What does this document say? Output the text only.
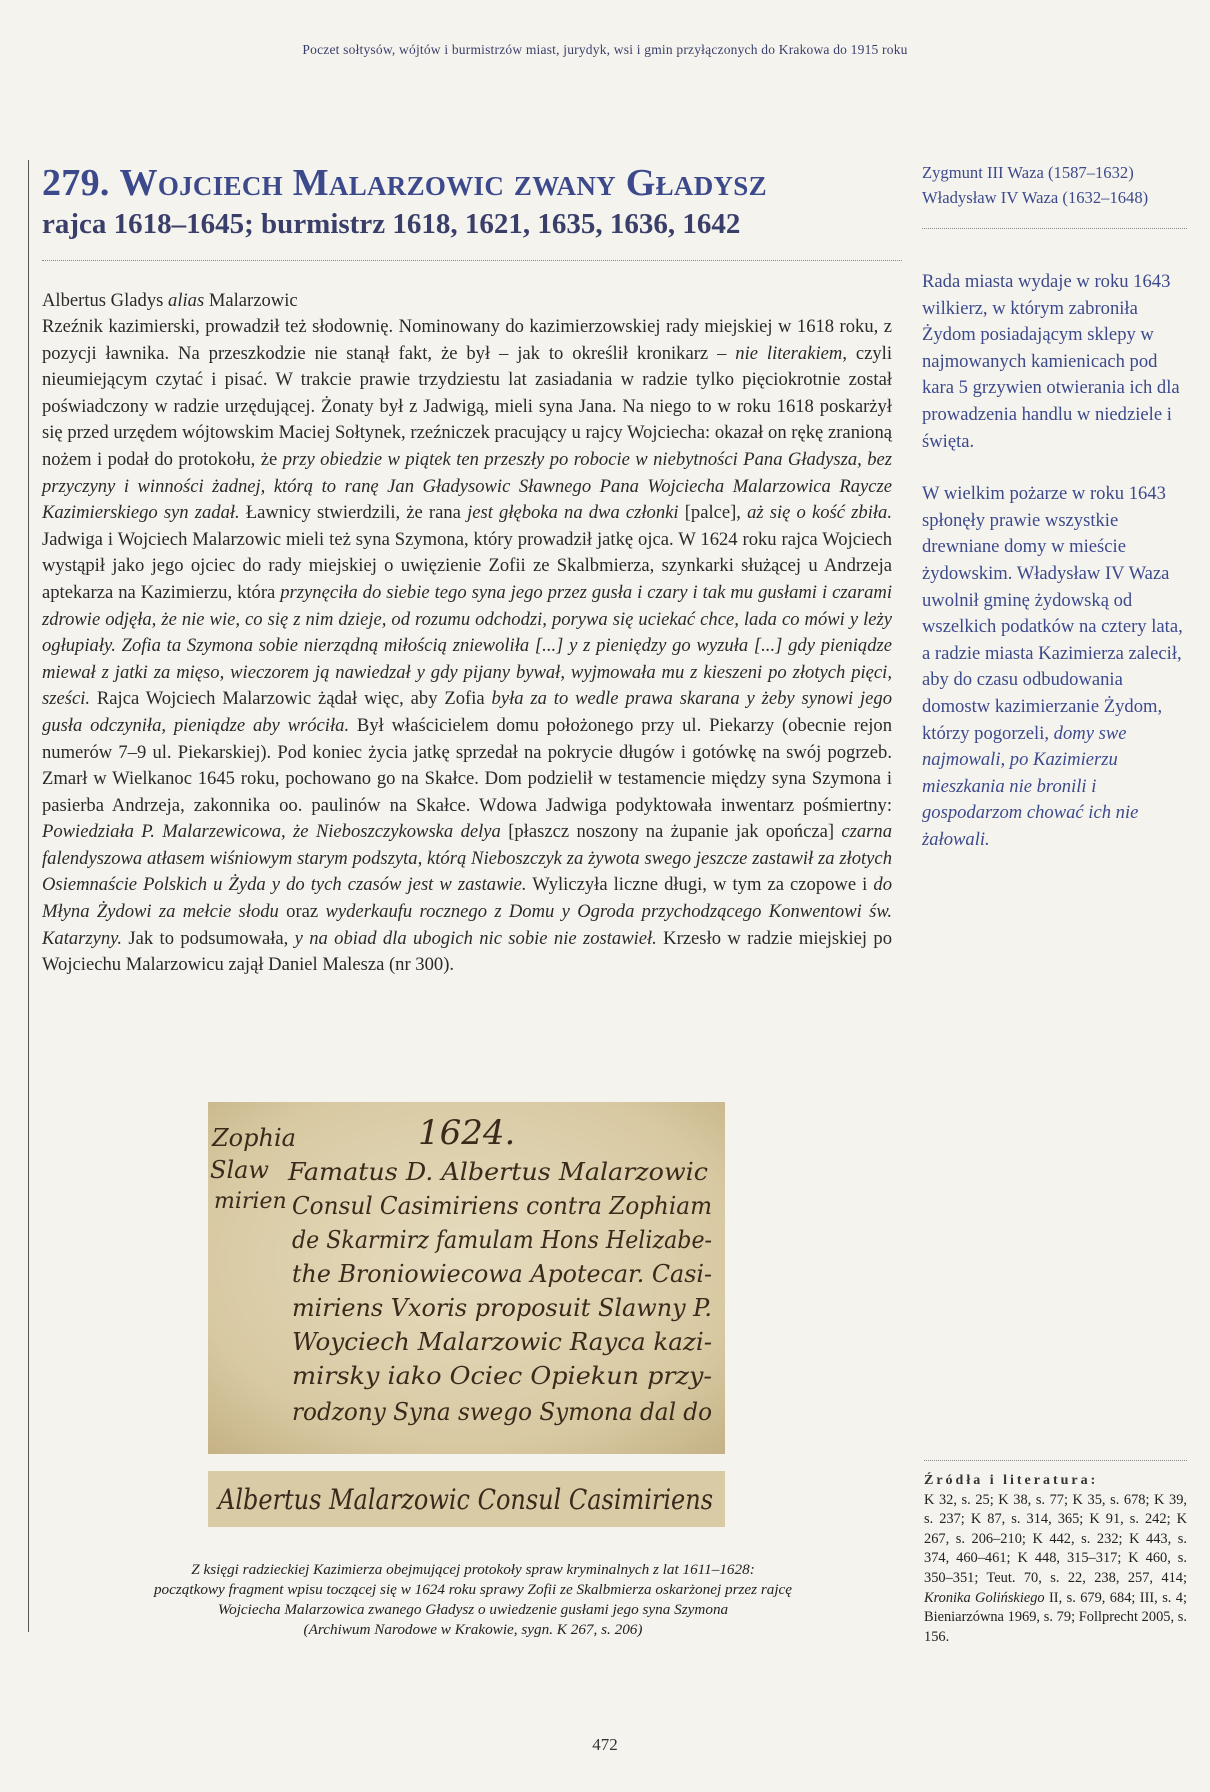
Poczet sołtysów, wójtów i burmistrzów miast, jurydyk, wsi i gmin przyłączonych do Krakowa do 1915 roku
279. Wojciech Malarzowic zwany Gładysz

rajca 1618–1645; burmistrz 1618, 1621, 1635, 1636, 1642

Albertus Gladys alias Malarzowic

Rzeźnik kazimierski, prowadził też słodownię. Nominowany do kazimierzowskiej rady miejskiej w 1618 roku, z pozycji ławnika. Na przeszkodzie nie stanął fakt, że był – jak to określił kronikarz – nie literakiem, czyli nieumiejącym czytać i pisać. W trakcie prawie trzydziestu lat zasiadania w radzie tylko pięciokrotnie został poświadczony w radzie urzędującej. Żonaty był z Jadwigą, mieli syna Jana. Na niego to w roku 1618 poskarżył się przed urzędem wójtowskim Maciej Sołtynek, rzeźniczek pracujący u rajcy Wojciecha: okazał on rękę zranioną nożem i podał do protokołu, że przy obiedzie w piątek ten przeszły po robocie w niebytności Pana Gładysza, bez przyczyny i winności żadnej, którą to ranę Jan Gładysowic Sławnego Pana Wojciecha Malarzowica Raycze Kazimierskiego syn zadał. Ławnicy stwierdzili, że rana jest głęboka na dwa członki [palce], aż się o kość zbiła. Jadwiga i Wojciech Malarzowic mieli też syna Szymona, który prowadził jatkę ojca. W 1624 roku rajca Wojciech wystąpił jako jego ojciec do rady miejskiej o uwięzienie Zofii ze Skalbmierza, szynkarki służącej u Andrzeja aptekarza na Kazimierzu, która przynęciła do siebie tego syna jego przez gusła i czary i tak mu gusłami i czarami zdrowie odjęła, że nie wie, co się z nim dzieje, od rozumu odchodzi, porywa się uciekać chce, lada co mówi y leży ogłupiały. Zofia ta Szymona sobie nierządną miłością zniewoliła [...] y z pieniędzy go wyzuła [...] gdy pieniądze miewał z jatki za mięso, wieczorem ją nawiedzał y gdy pijany bywał, wyjmowała mu z kieszeni po złotych pięci, sześci. Rajca Wojciech Malarzowic żądał więc, aby Zofia była za to wedle prawa skarana y żeby synowi jego gusła odczyniła, pieniądze aby wróciła. Był właścicielem domu położonego przy ul. Piekarzy (obecnie rejon numerów 7–9 ul. Piekarskiej). Pod koniec życia jatkę sprzedał na pokrycie długów i gotówkę na swój pogrzeb. Zmarł w Wielkanoc 1645 roku, pochowano go na Skałce. Dom podzielił w testamencie między syna Szymona i pasierba Andrzeja, zakonnika oo. paulinów na Skałce. Wdowa Jadwiga podyktowała inwentarz pośmiertny: Powiedziała P. Malarzewicowa, że Nieboszczykowska delya [płaszcz noszony na żupanie jak opończa] czarna falendyszowa atłasem wiśniowym starym podszyta, którą Nieboszczyk za żywota swego jeszcze zastawił za złotych Osiemnaście Polskich u Żyda y do tych czasów jest w zastawie. Wyliczyła liczne długi, w tym za czopowe i do Młyna Żydowi za mełcie słodu oraz wyderkaufu rocznego z Domu y Ogroda przychodzącego Konwentowi św. Katarzyny. Jak to podsumowała, y na obiad dla ubogich nic sobie nie zostawieł. Krzesło w radzie miejskiej po Wojciechu Malarzowicu zajął Daniel Malesza (nr 300).

Zygmunt III Waza (1587–1632)

Władysław IV Waza (1632–1648)

Rada miasta wydaje w roku 1643 wilkierz, w którym zabroniła Żydom posiadającym sklepy w najmowanych kamienicach pod kara 5 grzywien otwierania ich dla prowadzenia handlu w niedziele i święta.

W wielkim pożarze w roku 1643 spłonęły prawie wszystkie drewniane domy w mieście żydowskim. Władysław IV Waza uwolnił gminę żydowską od wszelkich podatków na cztery lata, a radzie miasta Kazimierza zalecił, aby do czasu odbudowania domostw kazimierzanie Żydom, którzy pogorzeli, domy swe najmowali, po Kazimierzu mieszkania nie bronili i gospodarzom chować ich nie żałowali.

Zophia
Slaw
mirien
1624.
Famatus D. Albertus Malarzowic
Consul Casimiriens contra Zophiam
de Skarmirz famulam Hons Helizabe-
the Broniowiecowa Apotecar. Casi-
miriens Vxoris proposuit Slawny P.
Woyciech Malarzowic Rayca kazi-
mirsky iako Ociec Opiekun przy-
rodzony Syna swego Symona dal do
Albertus Malarzowic Consul Casimiriens
Z księgi radzieckiej Kazimierza obejmującej protokoły spraw kryminalnych z lat 1611–1628:
początkowy fragment wpisu toczącej się w 1624 roku sprawy Zofii ze Skalbmierza oskarżonej przez rajcę
Wojciecha Malarzowica zwanego Gładysz o uwiedzenie gusłami jego syna Szymona
(Archiwum Narodowe w Krakowie, sygn. K 267, s. 206)

Źródła i literatura:

K 32, s. 25; K 38, s. 77; K 35, s. 678; K 39, s. 237; K 87, s. 314, 365; K 91, s. 242; K 267, s. 206–210; K 442, s. 232; K 443, s. 374, 460–461; K 448, 315–317; K 460, s. 350–351; Teut. 70, s. 22, 238, 257, 414; Kronika Golińskiego II, s. 679, 684; III, s. 4; Bieniarzówna 1969, s. 79; Follprecht 2005, s. 156.

472
